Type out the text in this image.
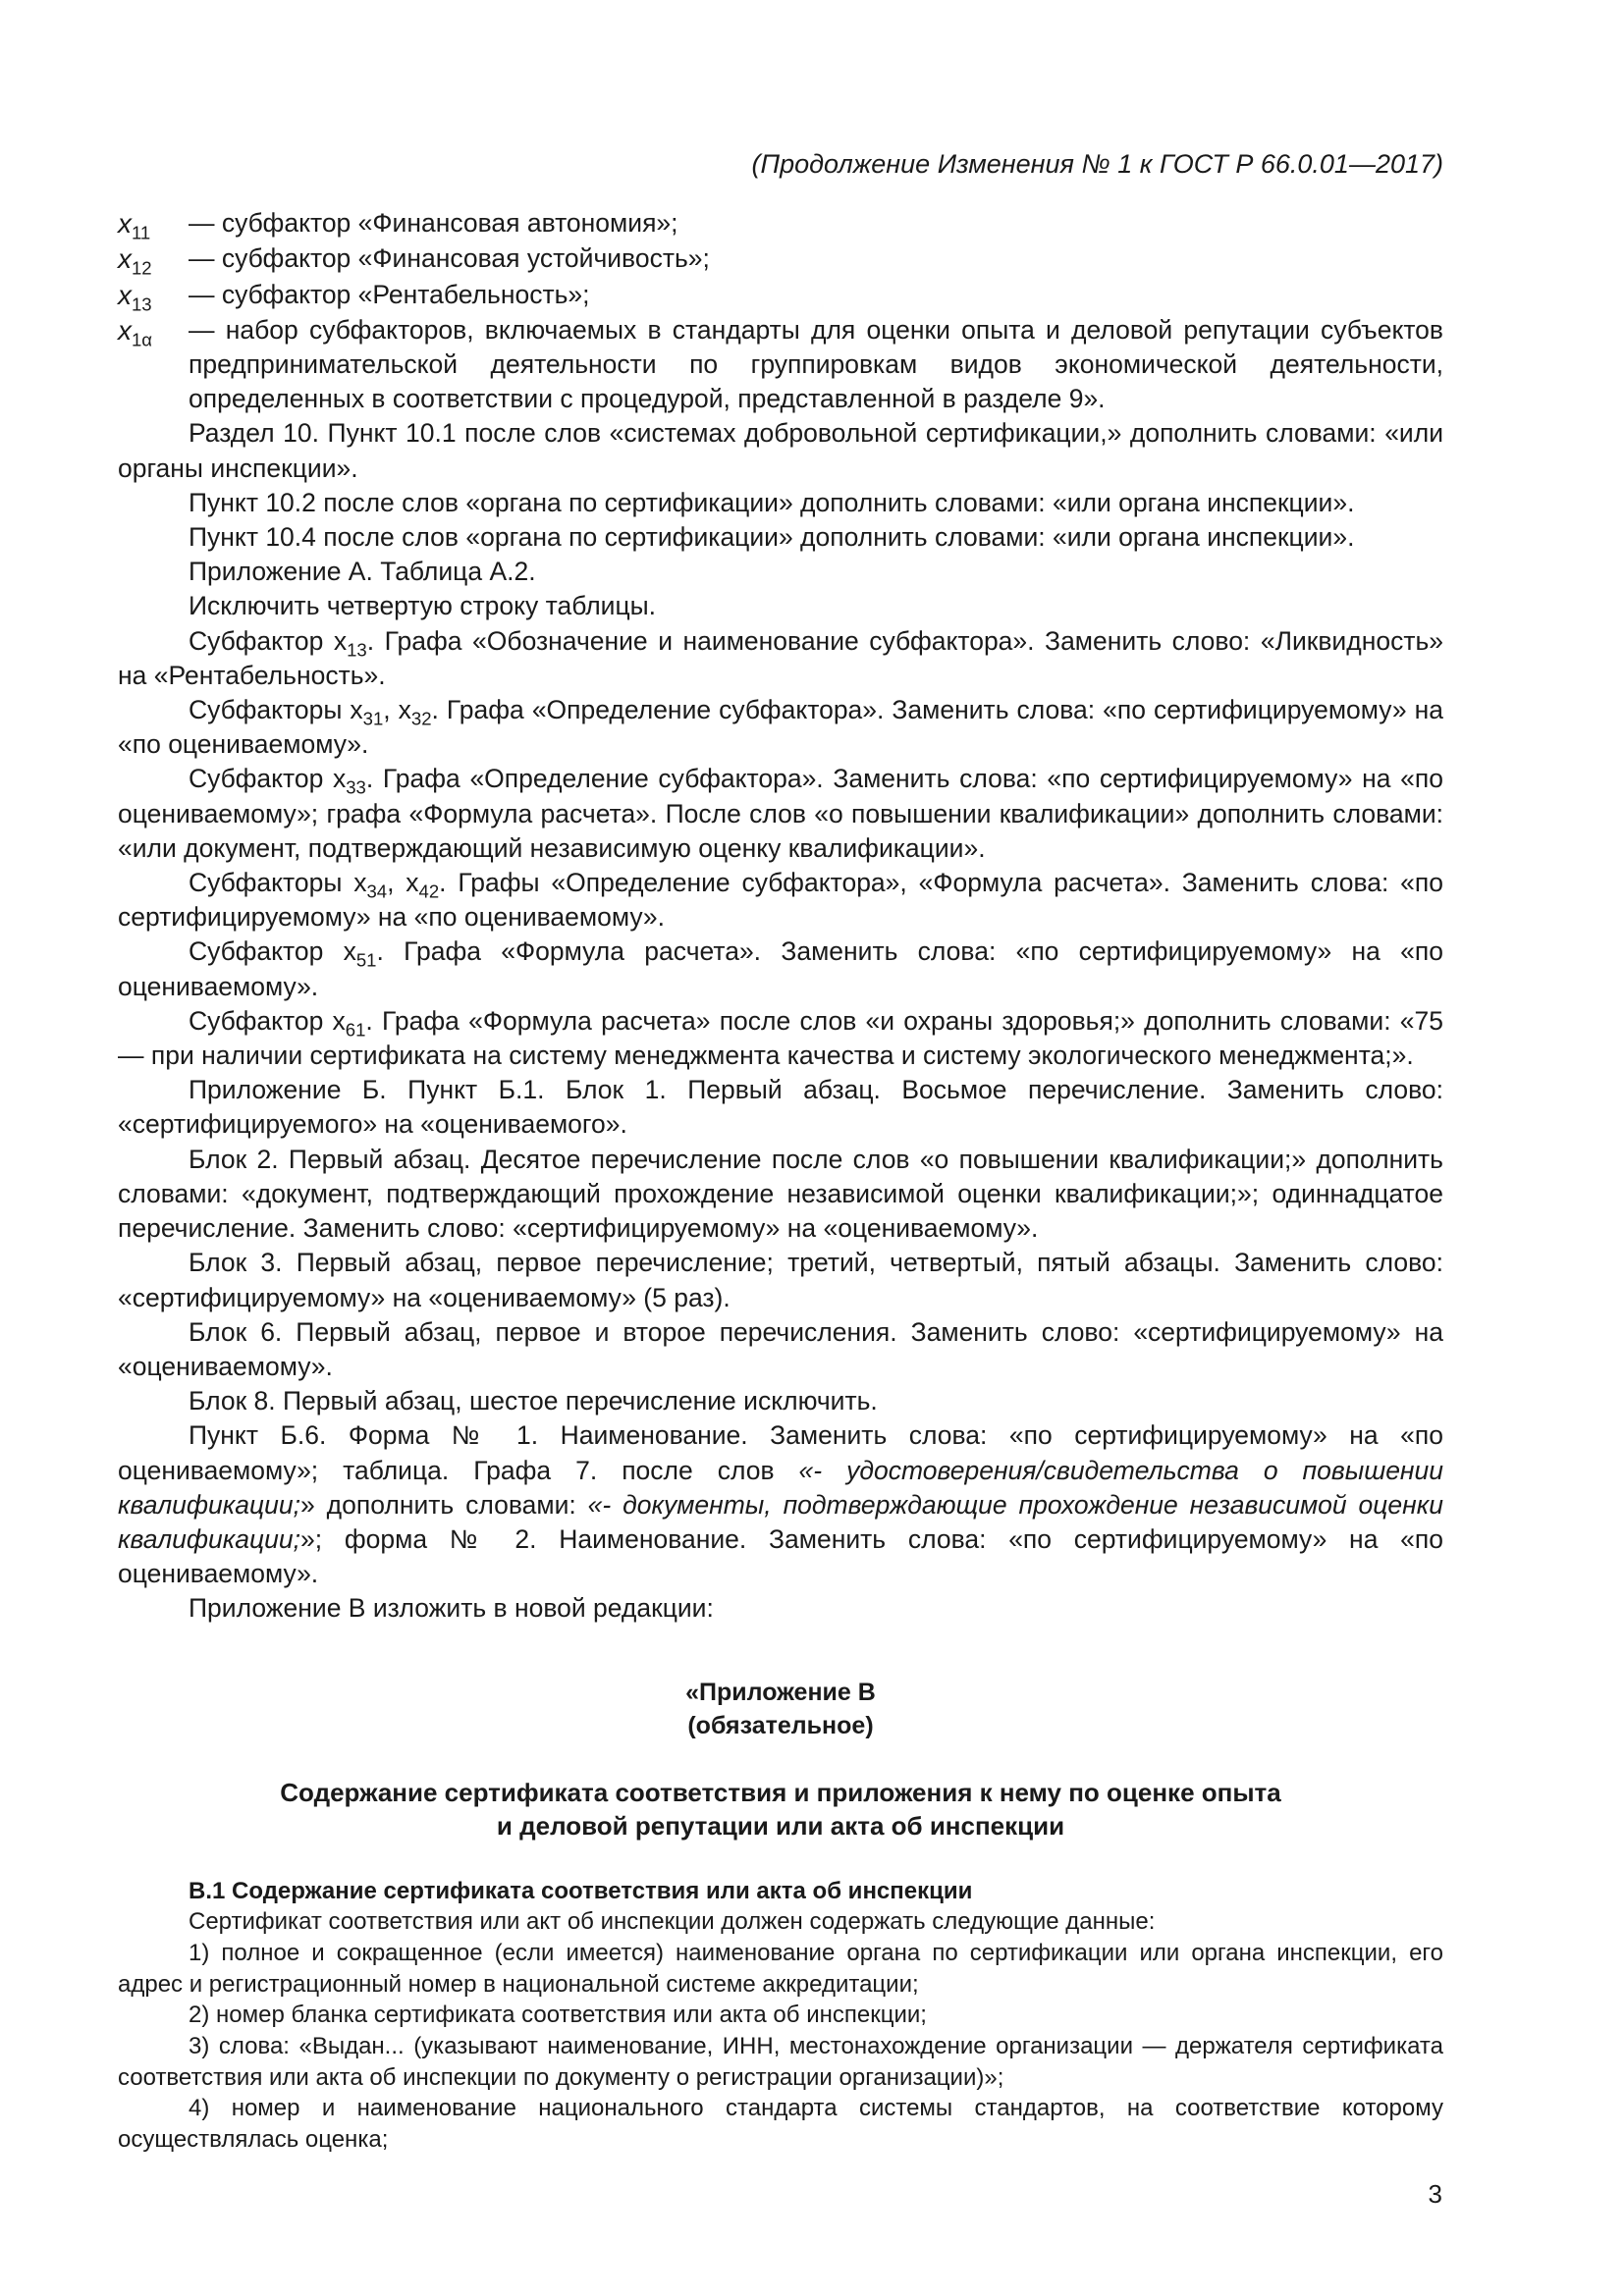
(Продолжение Изменения № 1 к ГОСТ Р 66.0.01—2017)
$x_{11}$	— субфактор «Финансовая автономия»;
$x_{12}$	— субфактор «Финансовая устойчивость»;
$x_{13}$	— субфактор «Рентабельность»;
$x_{1\alpha}$	— набор субфакторов, включаемых в стандарты для оценки опыта и деловой репутации субъектов предпринимательской деятельности по группировкам видов экономической деятельности, определенных в соответствии с процедурой, представленной в разделе 9».

Раздел 10. Пункт 10.1 после слов «системах добровольной сертификации,» дополнить словами: «или органы инспекции».

Пункт 10.2 после слов «органа по сертификации» дополнить словами: «или органа инспекции».

Пункт 10.4 после слов «органа по сертификации» дополнить словами: «или органа инспекции».

Приложение А. Таблица А.2.

Исключить четвертую строку таблицы.

Субфактор $x_{13}$. Графа «Обозначение и наименование субфактора». Заменить слово: «Ликвидность» на «Рентабельность».

Субфакторы $x_{31}$, $x_{32}$. Графа «Определение субфактора». Заменить слова: «по сертифицируемому» на «по оцениваемому».

Субфактор $x_{33}$. Графа «Определение субфактора». Заменить слова: «по сертифицируемому» на «по оцениваемому»; графа «Формула расчета». После слов «о повышении квалификации» дополнить словами: «или документ, подтверждающий независимую оценку квалификации».

Субфакторы $x_{34}$, $x_{42}$. Графы «Определение субфактора», «Формула расчета». Заменить слова: «по сертифицируемому» на «по оцениваемому».

Субфактор $x_{51}$. Графа «Формула расчета». Заменить слова: «по сертифицируемому» на «по оцениваемому».

Субфактор $x_{61}$. Графа «Формула расчета» после слов «и охраны здоровья;» дополнить словами: «75 — при наличии сертификата на систему менеджмента качества и систему экологического менеджмента;».

Приложение Б. Пункт Б.1. Блок 1. Первый абзац. Восьмое перечисление. Заменить слово: «сертифицируемого» на «оцениваемого».

Блок 2. Первый абзац. Десятое перечисление после слов «о повышении квалификации;» дополнить словами: «документ, подтверждающий прохождение независимой оценки квалификации;»; одиннадцатое перечисление. Заменить слово: «сертифицируемому» на «оцениваемому».

Блок 3. Первый абзац, первое перечисление; третий, четвертый, пятый абзацы. Заменить слово: «сертифицируемому» на «оцениваемому» (5 раз).

Блок 6. Первый абзац, первое и второе перечисления. Заменить слово: «сертифицируемому» на «оцениваемому».

Блок 8. Первый абзац, шестое перечисление исключить.

Пункт Б.6. Форма № 1. Наименование. Заменить слова: «по сертифицируемому» на «по оцениваемому»; таблица. Графа 7. после слов «- удостоверения/свидетельства о повышении квалификации;» дополнить словами: «- документы, подтверждающие прохождение независимой оценки квалификации;»; форма № 2. Наименование. Заменить слова: «по сертифицируемому» на «по оцениваемому».

Приложение В изложить в новой редакции:

«Приложение В
(обязательное)
Содержание сертификата соответствия и приложения к нему по оценке опыта
и деловой репутации или акта об инспекции

В.1 Содержание сертификата соответствия или акта об инспекции

Сертификат соответствия или акт об инспекции должен содержать следующие данные:

1) полное и сокращенное (если имеется) наименование органа по сертификации или органа инспекции, его адрес и регистрационный номер в национальной системе аккредитации;

2) номер бланка сертификата соответствия или акта об инспекции;

3) слова: «Выдан... (указывают наименование, ИНН, местонахождение организации — держателя сертификата соответствия или акта об инспекции по документу о регистрации организации)»;

4) номер и наименование национального стандарта системы стандартов, на соответствие которому осуществлялась оценка;

3
